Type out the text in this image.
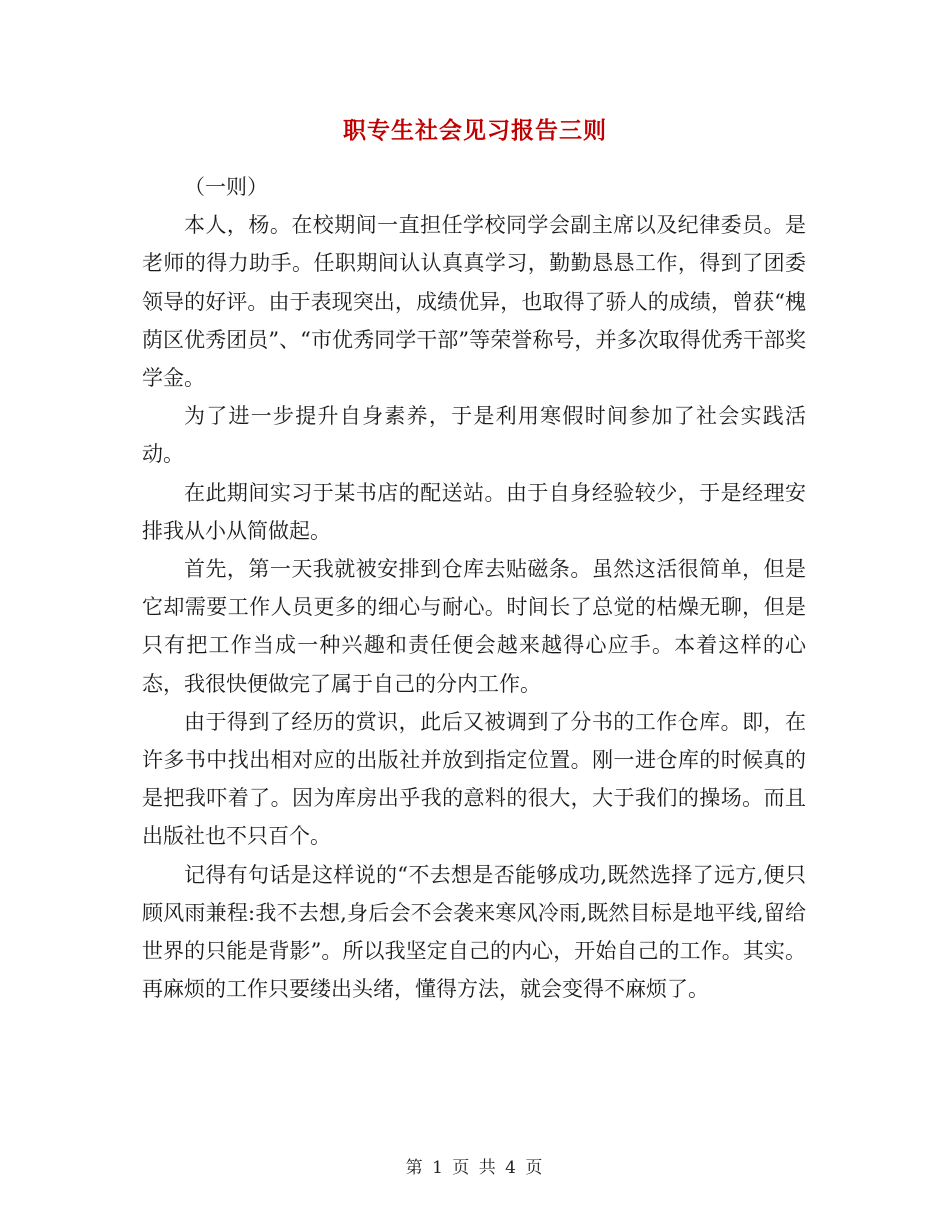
职专生社会见习报告三则

（一则）

本人，杨。在校期间一直担任学校同学会副主席以及纪律委员。是老师的得力助手。任职期间认认真真学习，勤勤恳恳工作，得到了团委领导的好评。由于表现突出，成绩优异，也取得了骄人的成绩，曾获“槐荫区优秀团员”、“市优秀同学干部”等荣誉称号，并多次取得优秀干部奖学金。

为了进一步提升自身素养，于是利用寒假时间参加了社会实践活动。

在此期间实习于某书店的配送站。由于自身经验较少，于是经理安排我从小从简做起。

首先，第一天我就被安排到仓库去贴磁条。虽然这活很简单，但是它却需要工作人员更多的细心与耐心。时间长了总觉的枯燥无聊，但是只有把工作当成一种兴趣和责任便会越来越得心应手。本着这样的心态，我很快便做完了属于自己的分内工作。

由于得到了经历的赏识，此后又被调到了分书的工作仓库。即，在许多书中找出相对应的出版社并放到指定位置。刚一进仓库的时候真的是把我吓着了。因为库房出乎我的意料的很大，大于我们的操场。而且出版社也不只百个。

记得有句话是这样说的“不去想是否能够成功,既然选择了远方,便只顾风雨兼程:我不去想,身后会不会袭来寒风冷雨,既然目标是地平线,留给世界的只能是背影”。所以我坚定自己的内心，开始自己的工作。其实。再麻烦的工作只要缕出头绪，懂得方法，就会变得不麻烦了。

第 1 页 共 4 页
